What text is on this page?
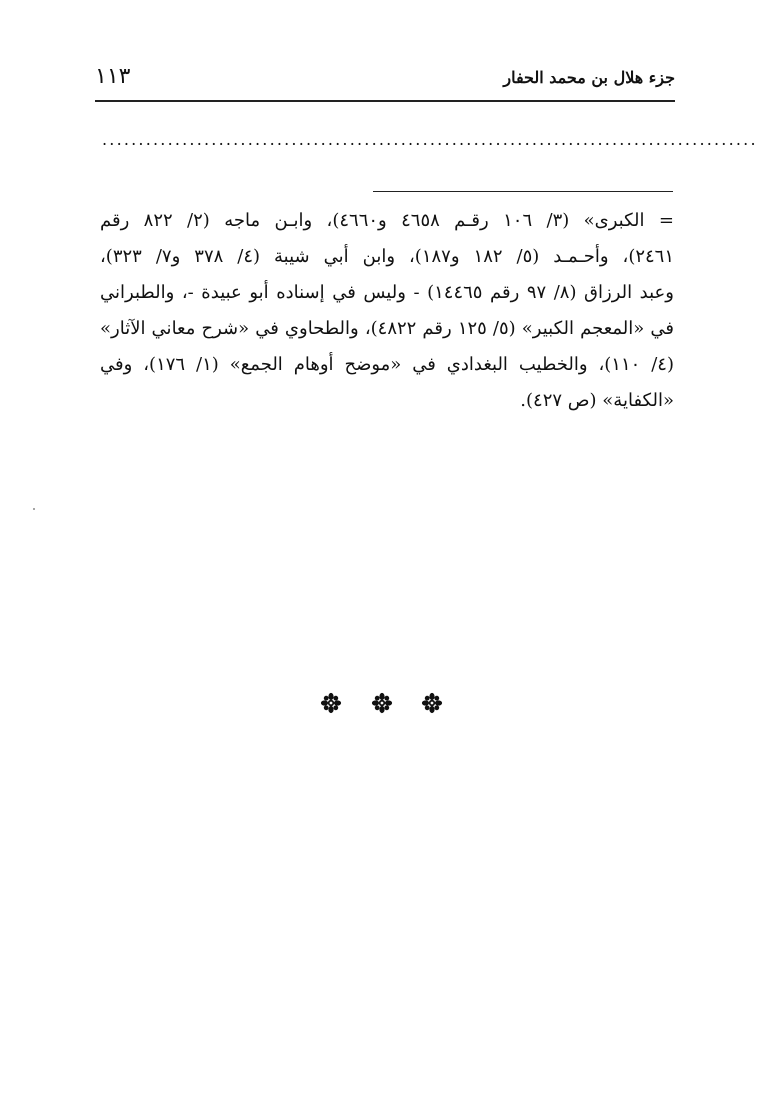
جزء هلال بن محمد الحفار
١١٣
..........................................................................................
= الكبرى» (٣/ ١٠٦ رقـم ٤٦٥٨ و٤٦٦٠)، وابـن ماجه (٢/ ٨٢٢ رقم
٢٤٦١)، وأحـمـد (٥/ ١٨٢ و١٨٧)، وابن أبي شيبة (٤/ ٣٧٨ و٧/ ٣٢٣)،
وعبد الرزاق (٨/ ٩٧ رقم ١٤٤٦٥) - وليس في إسناده أبو عبيدة -، والطبراني
في «المعجم الكبير» (٥/ ١٢٥ رقم ٤٨٢٢)، والطحاوي في «شرح معاني الآثار»
(٤/ ١١٠)، والخطيب البغدادي في «موضح أوهام الجمع» (١/ ١٧٦)، وفي
«الكفاية» (ص ٤٢٧).
